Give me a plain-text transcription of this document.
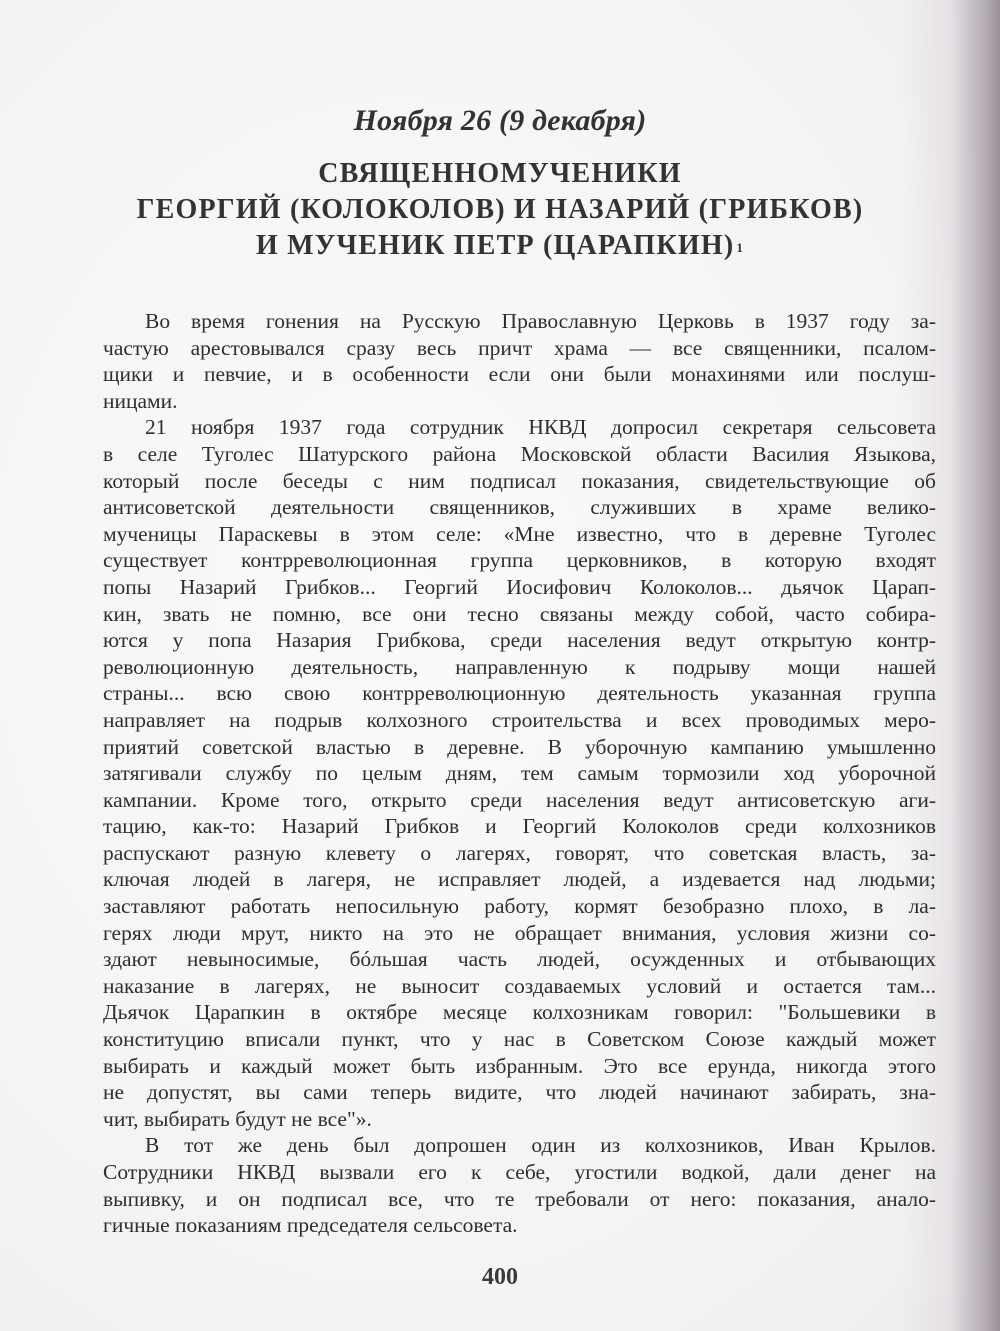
Ноября 26 (9 декабря)
СВЯЩЕННОМУЧЕНИКИ
ГЕОРГИЙ (КОЛОКОЛОВ) И НАЗАРИЙ (ГРИБКОВ)
И МУЧЕНИК ПЕТР (ЦАРАПКИН) $^1$
Во время гонения на Русскую Православную Церковь в 1937 году за-
частую арестовывался сразу весь причт храма — все священники, псалом-
щики и певчие, и в особенности если они были монахинями или послуш-
ницами.
21 ноября 1937 года сотрудник НКВД допросил секретаря сельсовета
в селе Туголес Шатурского района Московской области Василия Языкова,
который после беседы с ним подписал показания, свидетельствующие об
антисоветской деятельности священников, служивших в храме велико-
мученицы Параскевы в этом селе: «Мне известно, что в деревне Туголес
существует контрреволюционная группа церковников, в которую входят
попы Назарий Грибков... Георгий Иосифович Колоколов... дьячок Царап-
кин, звать не помню, все они тесно связаны между собой, часто собира-
ются у попа Назария Грибкова, среди населения ведут открытую контр-
революционную деятельность, направленную к подрыву мощи нашей
страны... всю свою контрреволюционную деятельность указанная группа
направляет на подрыв колхозного строительства и всех проводимых меро-
приятий советской властью в деревне. В уборочную кампанию умышленно
затягивали службу по целым дням, тем самым тормозили ход уборочной
кампании. Кроме того, открыто среди населения ведут антисоветскую аги-
тацию, как-то: Назарий Грибков и Георгий Колоколов среди колхозников
распускают разную клевету о лагерях, говорят, что советская власть, за-
ключая людей в лагеря, не исправляет людей, а издевается над людьми;
заставляют работать непосильную работу, кормят безобразно плохо, в ла-
герях люди мрут, никто на это не обращает внимания, условия жизни со-
здают невыносимые, бóльшая часть людей, осужденных и отбывающих
наказание в лагерях, не выносит создаваемых условий и остается там...
Дьячок Царапкин в октябре месяце колхозникам говорил: "Большевики в
конституцию вписали пункт, что у нас в Советском Союзе каждый может
выбирать и каждый может быть избранным. Это все ерунда, никогда этого
не допустят, вы сами теперь видите, что людей начинают забирать, зна-
чит, выбирать будут не все"».
В тот же день был допрошен один из колхозников, Иван Крылов.
Сотрудники НКВД вызвали его к себе, угостили водкой, дали денег на
выпивку, и он подписал все, что те требовали от него: показания, анало-
гичные показаниям председателя сельсовета.
400
